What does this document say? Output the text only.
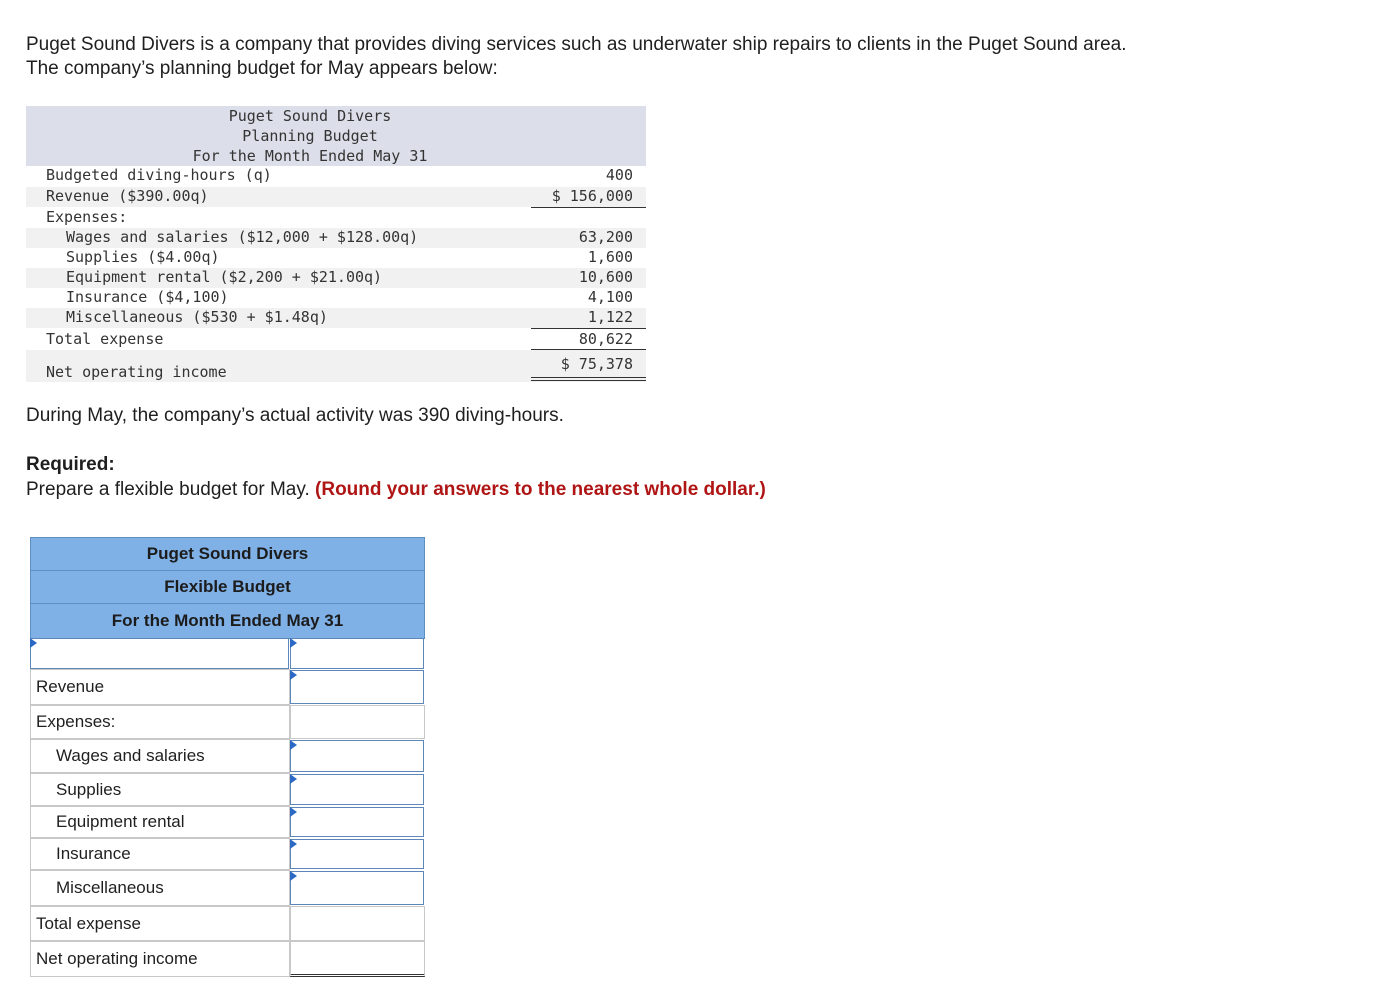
Puget Sound Divers is a company that provides diving services such as underwater ship repairs to clients in the Puget Sound area.
The company’s planning budget for May appears below:
Puget Sound Divers
Planning Budget
For the Month Ended May 31
Budgeted diving-hours (q)	400
Revenue ($390.00q)	$ 156,000
Expenses:
Wages and salaries ($12,000 + $128.00q)	63,200
Supplies ($4.00q)	1,600
Equipment rental ($2,200 + $21.00q)	10,600
Insurance ($4,100)	4,100
Miscellaneous ($530 + $1.48q)	1,122
Total expense	80,622
Net operating income	$ 75,378
During May, the company’s actual activity was 390 diving-hours.
Required:
Prepare a flexible budget for May. (Round your answers to the nearest whole dollar.)
Puget Sound Divers
Flexible Budget
For the Month Ended May 31
Revenue
Expenses:
Wages and salaries
Supplies
Equipment rental
Insurance
Miscellaneous
Total expense
Net operating income
